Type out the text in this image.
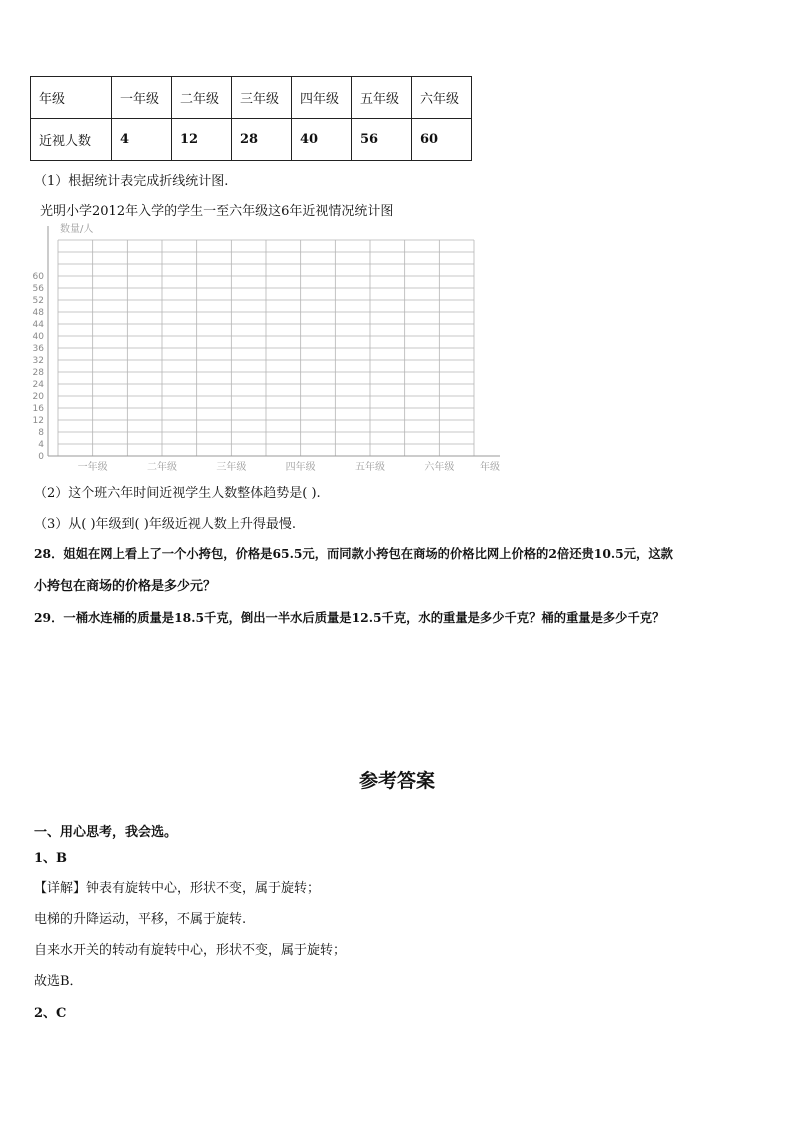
年级	一年级	二年级	三年级	四年级	五年级	六年级
近视人数	4	12	28	40	56	60
（1）根据统计表完成折线统计图.
光明小学2012年入学的学生一至六年级这6年近视情况统计图
0
4
8
12
16
20
24
28
32
36
40
44
48
52
56
60
一年级	二年级	三年级	四年级	五年级	六年级
数量/人
年级
（2）这个班六年时间近视学生人数整体趋势是( ).
（3）从( )年级到( )年级近视人数上升得最慢.
28．姐姐在网上看上了一个小挎包，价格是65.5元，而同款小挎包在商场的价格比网上价格的2倍还贵10.5元，这款
小挎包在商场的价格是多少元？
29．一桶水连桶的质量是18.5千克，倒出一半水后质量是12.5千克，水的重量是多少千克？桶的重量是多少千克？
参考答案
一、用心思考，我会选。
1、B
【详解】钟表有旋转中心，形状不变，属于旋转；
电梯的升降运动，平移，不属于旋转.
自来水开关的转动有旋转中心，形状不变，属于旋转；
故选B．
2、C
